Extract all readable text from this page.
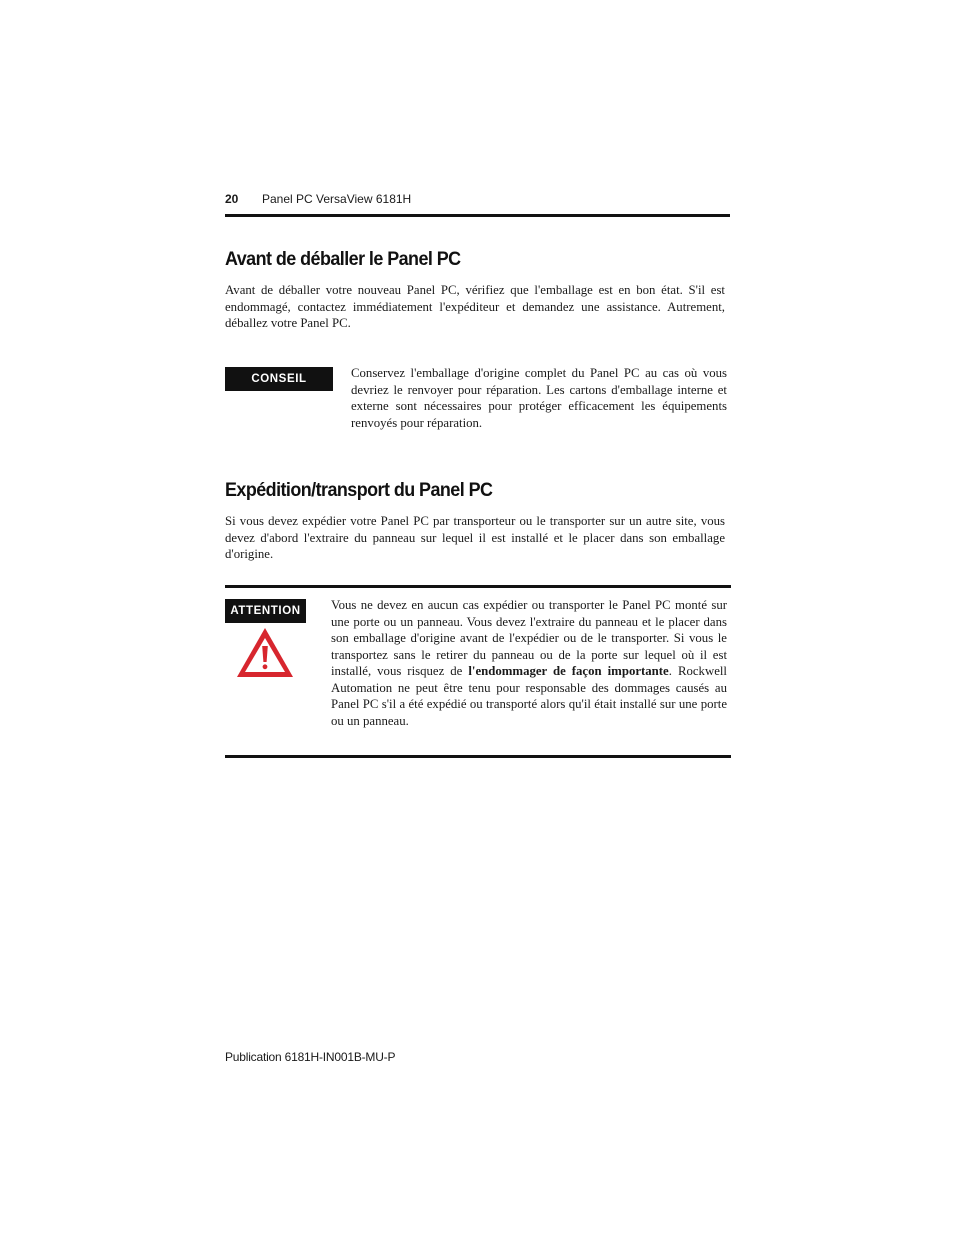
20 Panel PC VersaView 6181H
Avant de déballer le Panel PC

Avant de déballer votre nouveau Panel PC, vérifiez que l'emballage est en bon état. S'il est endommagé, contactez immédiatement l'expéditeur et demandez une assistance. Autrement, déballez votre Panel PC.

CONSEIL	Conservez l'emballage d'origine complet du Panel PC au cas où vous devriez le renvoyer pour réparation. Les cartons d'emballage interne et externe sont nécessaires pour protéger efficacement les équipements renvoyés pour réparation.

Expédition/transport du Panel PC

Si vous devez expédier votre Panel PC par transporteur ou le transporter sur un autre site, vous devez d'abord l'extraire du panneau sur lequel il est installé et le placer dans son emballage d'origine.

ATTENTION	Vous ne devez en aucun cas expédier ou transporter le Panel PC monté sur une porte ou un panneau. Vous devez l'extraire du panneau et le placer dans son emballage d'origine avant de l'expédier ou de le transporter. Si vous le transportez sans le retirer du panneau ou de la porte sur lequel où il est installé, vous risquez de l'endommager de façon importante. Rockwell Automation ne peut être tenu pour responsable des dommages causés au Panel PC s'il a été expédié ou transporté alors qu'il était installé sur une porte ou un panneau.

Publication 6181H-IN001B-MU-P
